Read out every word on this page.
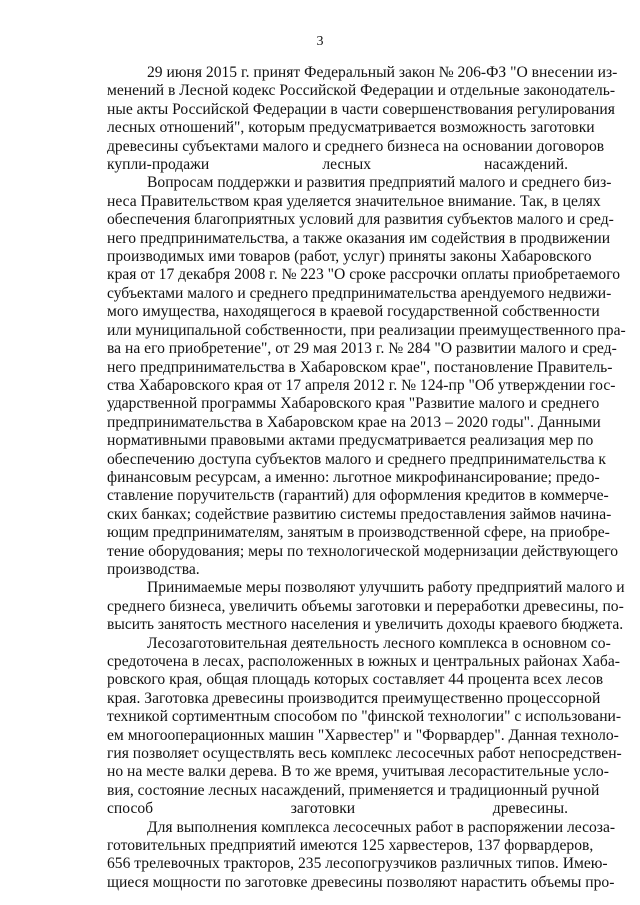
3

29 июня 2015 г. принят Федеральный закон № 206-ФЗ "О внесении из-
менений в Лесной кодекс Российской Федерации и отдельные законодатель-
ные акты Российской Федерации в части совершенствования регулирования
лесных отношений", которым предусматривается возможность заготовки
древесины субъектами малого и среднего бизнеса на основании договоров
купли-продажи лесных насаждений.

Вопросам поддержки и развития предприятий малого и среднего биз-
неса Правительством края уделяется значительное внимание. Так, в целях
обеспечения благоприятных условий для развития субъектов малого и сред-
него предпринимательства, а также оказания им содействия в продвижении
производимых ими товаров (работ, услуг) приняты законы Хабаровского
края от 17 декабря 2008 г. № 223 "О сроке рассрочки оплаты приобретаемого
субъектами малого и среднего предпринимательства арендуемого недвижи-
мого имущества, находящегося в краевой государственной собственности
или муниципальной собственности, при реализации преимущественного пра-
ва на его приобретение", от 29 мая 2013 г. № 284 "О развитии малого и сред-
него предпринимательства в Хабаровском крае", постановление Правитель-
ства Хабаровского края от 17 апреля 2012 г. № 124-пр "Об утверждении гос-
ударственной программы Хабаровского края "Развитие малого и среднего
предпринимательства в Хабаровском крае на 2013 – 2020 годы". Данными
нормативными правовыми актами предусматривается реализация мер по
обеспечению доступа субъектов малого и среднего предпринимательства к
финансовым ресурсам, а именно: льготное микрофинансирование; предо-
ставление поручительств (гарантий) для оформления кредитов в коммерче-
ских банках; содействие развитию системы предоставления займов начина-
ющим предпринимателям, занятым в производственной сфере, на приобре-
тение оборудования; меры по технологической модернизации действующего
производства.

Принимаемые меры позволяют улучшить работу предприятий малого и
среднего бизнеса, увеличить объемы заготовки и переработки древесины, по-
высить занятость местного населения и увеличить доходы краевого бюджета.

Лесозаготовительная деятельность лесного комплекса в основном со-
средоточена в лесах, расположенных в южных и центральных районах Хаба-
ровского края, общая площадь которых составляет 44 процента всех лесов
края. Заготовка древесины производится преимущественно процессорной
техникой сортиментным способом по "финской технологии" с использовани-
ем многооперационных машин "Харвестер" и "Форвардер". Данная техноло-
гия позволяет осуществлять весь комплекс лесосечных работ непосредствен-
но на месте валки дерева. В то же время, учитывая лесорастительные усло-
вия, состояние лесных насаждений, применяется и традиционный ручной
способ заготовки древесины.

Для выполнения комплекса лесосечных работ в распоряжении лесоза-
готовительных предприятий имеются 125 харвестеров, 137 форвардеров,
656 трелевочных тракторов, 235 лесопогрузчиков различных типов. Имею-
щиеся мощности по заготовке древесины позволяют нарастить объемы про-
